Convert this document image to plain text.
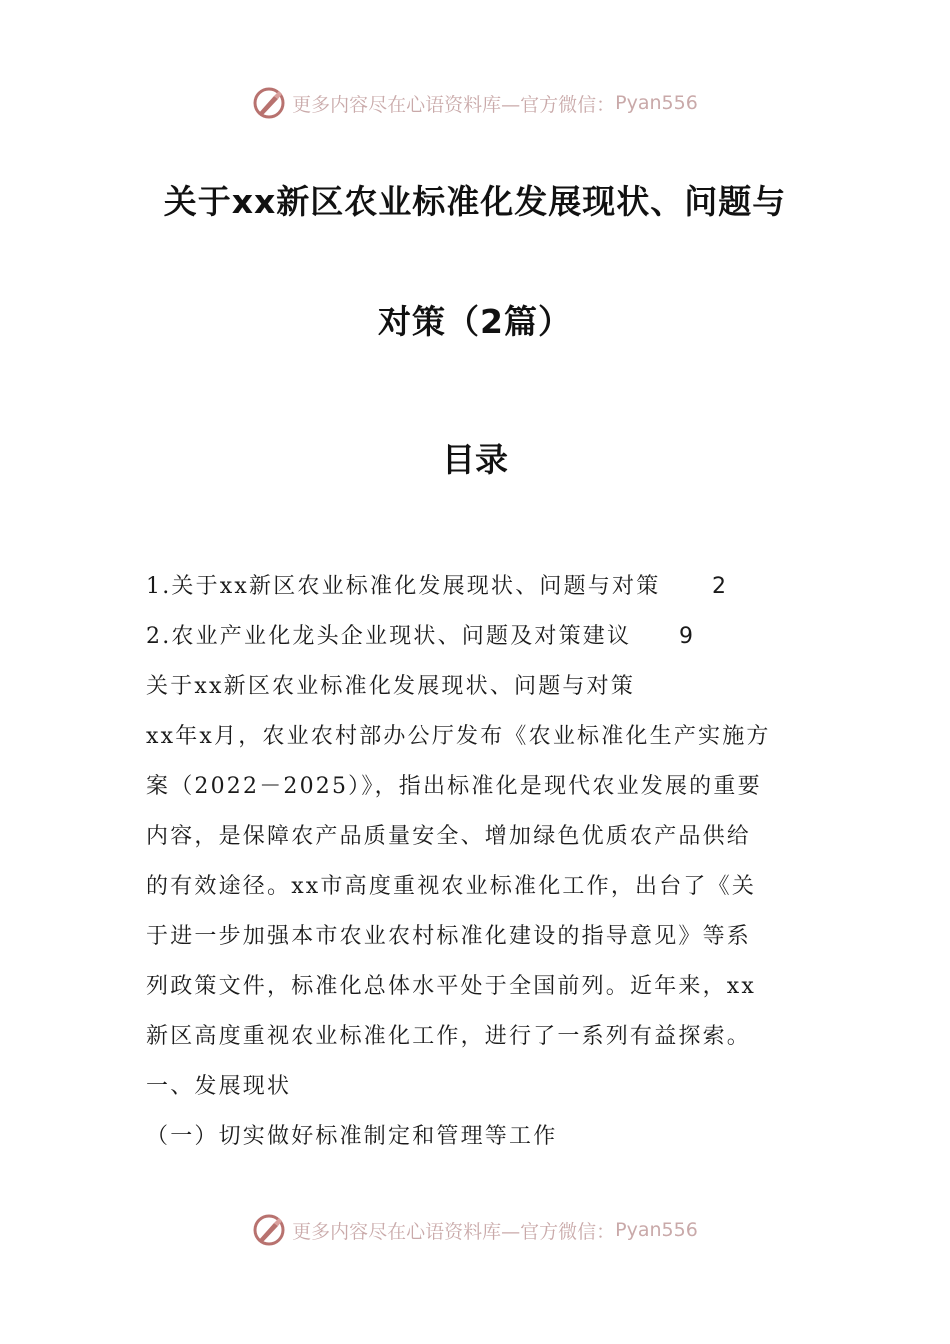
更多内容尽在心语资料库—官方微信： Pyan556
关于xx新区农业标准化发展现状、问题与
对策（2篇）
目录
1.关于xx新区农业标准化发展现状、问题与对策 2
2.农业产业化龙头企业现状、问题及对策建议 9
关于xx新区农业标准化发展现状、问题与对策
xx年x月，农业农村部办公厅发布《农业标准化生产实施方
案（2022－2025）》，指出标准化是现代农业发展的重要
内容，是保障农产品质量安全、增加绿色优质农产品供给
的有效途径。xx市高度重视农业标准化工作，出台了《关
于进一步加强本市农业农村标准化建设的指导意见》等系
列政策文件，标准化总体水平处于全国前列。近年来，xx
新区高度重视农业标准化工作，进行了一系列有益探索。
一、发展现状
（一）切实做好标准制定和管理等工作
更多内容尽在心语资料库—官方微信： Pyan556
